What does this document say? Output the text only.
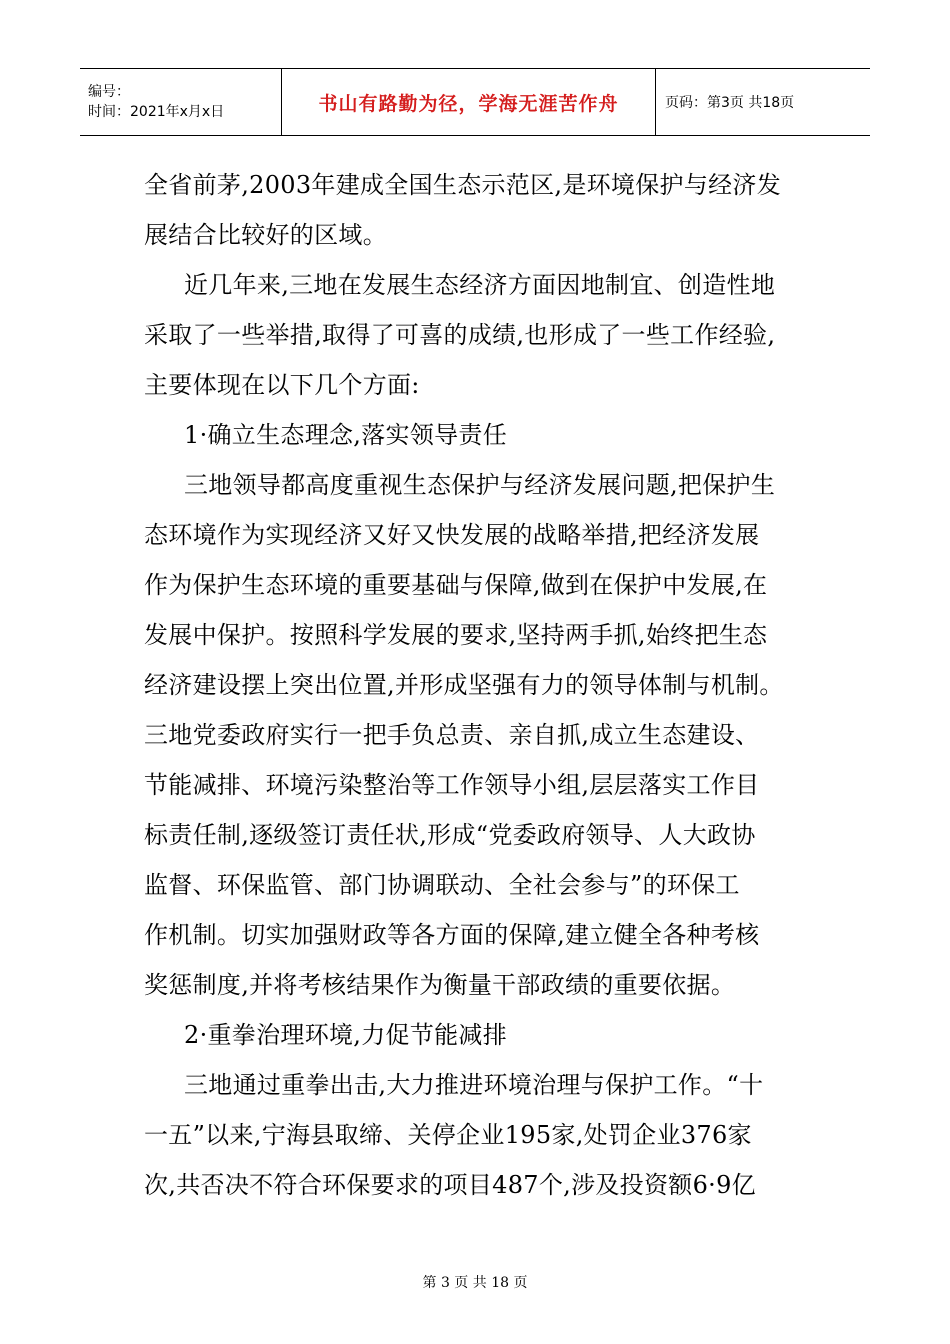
编号：
时间：2021年x月x日	书山有路勤为径，学海无涯苦作舟	页码：第3页 共18页
全省前茅,2003年建成全国生态示范区,是环境保护与经济发
展结合比较好的区域。
近几年来,三地在发展生态经济方面因地制宜、创造性地
采取了一些举措,取得了可喜的成绩,也形成了一些工作经验,
主要体现在以下几个方面:
1·确立生态理念,落实领导责任
三地领导都高度重视生态保护与经济发展问题,把保护生
态环境作为实现经济又好又快发展的战略举措,把经济发展
作为保护生态环境的重要基础与保障,做到在保护中发展,在
发展中保护。按照科学发展的要求,坚持两手抓,始终把生态
经济建设摆上突出位置,并形成坚强有力的领导体制与机制。
三地党委政府实行一把手负总责、亲自抓,成立生态建设、
节能减排、环境污染整治等工作领导小组,层层落实工作目
标责任制,逐级签订责任状,形成“党委政府领导、人大政协
监督、环保监管、部门协调联动、全社会参与”的环保工
作机制。切实加强财政等各方面的保障,建立健全各种考核
奖惩制度,并将考核结果作为衡量干部政绩的重要依据。
2·重拳治理环境,力促节能减排
三地通过重拳出击,大力推进环境治理与保护工作。“十
一五”以来,宁海县取缔、关停企业195家,处罚企业376家
次,共否决不符合环保要求的项目487个,涉及投资额6·9亿
第 3 页 共 18 页
